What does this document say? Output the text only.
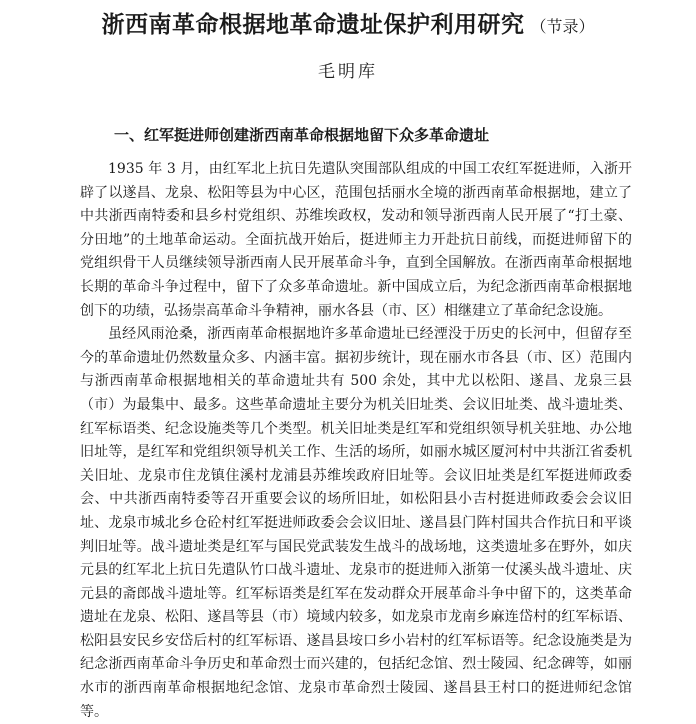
浙西南革命根据地革命遗址保护利用研究 （节录）
毛明库
一、红军挺进师创建浙西南革命根据地留下众多革命遗址

1935 年 3 月，由红军北上抗日先遣队突围部队组成的中国工农红军挺进师，入浙开辟了以遂昌、龙泉、松阳等县为中心区，范围包括丽水全境的浙西南革命根据地，建立了中共浙西南特委和县乡村党组织、苏维埃政权，发动和领导浙西南人民开展了“打土豪、分田地”的土地革命运动。全面抗战开始后，挺进师主力开赴抗日前线，而挺进师留下的党组织骨干人员继续领导浙西南人民开展革命斗争，直到全国解放。在浙西南革命根据地长期的革命斗争过程中，留下了众多革命遗址。新中国成立后，为纪念浙西南革命根据地创下的功绩，弘扬崇高革命斗争精神，丽水各县（市、区）相继建立了革命纪念设施。

虽经风雨沧桑，浙西南革命根据地许多革命遗址已经湮没于历史的长河中，但留存至今的革命遗址仍然数量众多、内涵丰富。据初步统计，现在丽水市各县（市、区）范围内与浙西南革命根据地相关的革命遗址共有 500 余处，其中尤以松阳、遂昌、龙泉三县（市）为最集中、最多。这些革命遗址主要分为机关旧址类、会议旧址类、战斗遗址类、红军标语类、纪念设施类等几个类型。机关旧址类是红军和党组织领导机关驻地、办公地旧址等，是红军和党组织领导机关工作、生活的场所，如丽水城区厦河村中共浙江省委机关旧址、龙泉市住龙镇住溪村龙浦县苏维埃政府旧址等。会议旧址类是红军挺进师政委会、中共浙西南特委等召开重要会议的场所旧址，如松阳县小吉村挺进师政委会会议旧址、龙泉市城北乡仓砼村红军挺进师政委会会议旧址、遂昌县门阵村国共合作抗日和平谈判旧址等。战斗遗址类是红军与国民党武装发生战斗的战场地，这类遗址多在野外，如庆元县的红军北上抗日先遣队竹口战斗遗址、龙泉市的挺进师入浙第一仗溪头战斗遗址、庆元县的斋郎战斗遗址等。红军标语类是红军在发动群众开展革命斗争中留下的，这类革命遗址在龙泉、松阳、遂昌等县（市）境域内较多，如龙泉市龙南乡麻连岱村的红军标语、松阳县安民乡安岱后村的红军标语、遂昌县垵口乡小岩村的红军标语等。纪念设施类是为纪念浙西南革命斗争历史和革命烈士而兴建的，包括纪念馆、烈士陵园、纪念碑等，如丽水市的浙西南革命根据地纪念馆、龙泉市革命烈士陵园、遂昌县王村口的挺进师纪念馆等。
